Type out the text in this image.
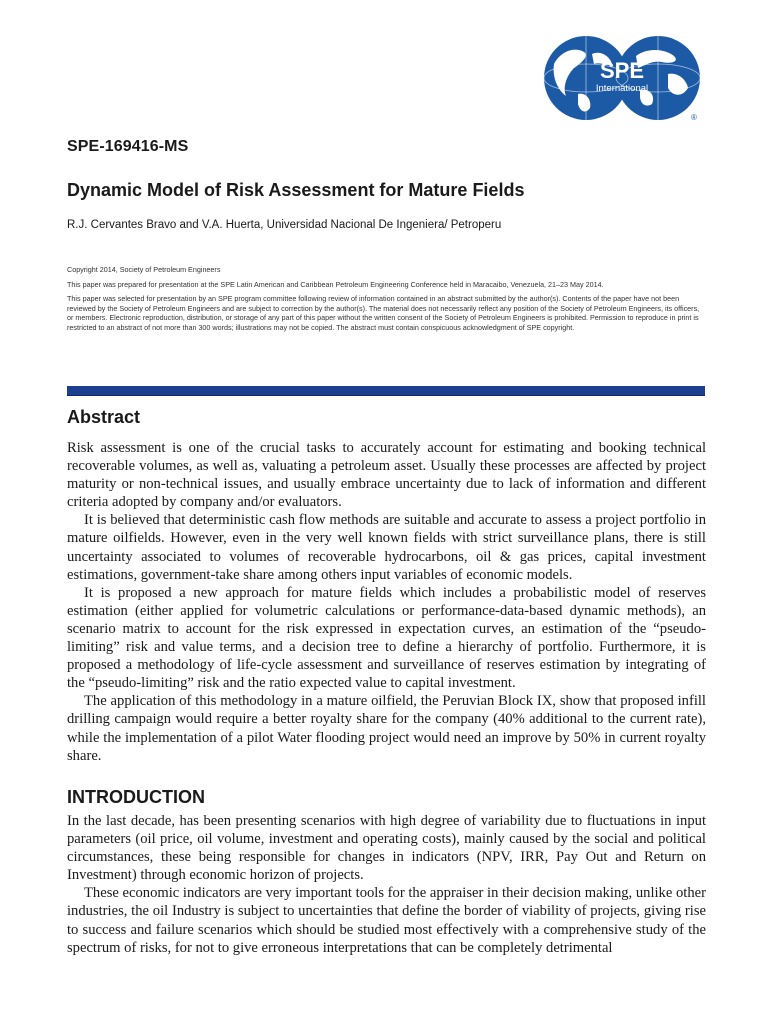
SPE
International
®
SPE-169416-MS
Dynamic Model of Risk Assessment for Mature Fields
R.J. Cervantes Bravo and V.A. Huerta, Universidad Nacional De Ingeniera/ Petroperu

Copyright 2014, Society of Petroleum Engineers

This paper was prepared for presentation at the SPE Latin American and Caribbean Petroleum Engineering Conference held in Maracaibo, Venezuela, 21–23 May 2014.

This paper was selected for presentation by an SPE program committee following review of information contained in an abstract submitted by the author(s). Contents of the paper have not been reviewed by the Society of Petroleum Engineers and are subject to correction by the author(s). The material does not necessarily reflect any position of the Society of Petroleum Engineers, its officers, or members. Electronic reproduction, distribution, or storage of any part of this paper without the written consent of the Society of Petroleum Engineers is prohibited. Permission to reproduce in print is restricted to an abstract of not more than 300 words; illustrations may not be copied. The abstract must contain conspicuous acknowledgment of SPE copyright.

Abstract

Risk assessment is one of the crucial tasks to accurately account for estimating and booking technical recoverable volumes, as well as, valuating a petroleum asset. Usually these processes are affected by project maturity or non-technical issues, and usually embrace uncertainty due to lack of information and different criteria adopted by company and/or evaluators.

It is believed that deterministic cash flow methods are suitable and accurate to assess a project portfolio in mature oilfields. However, even in the very well known fields with strict surveillance plans, there is still uncertainty associated to volumes of recoverable hydrocarbons, oil & gas prices, capital investment estimations, government-take share among others input variables of economic models.

It is proposed a new approach for mature fields which includes a probabilistic model of reserves estimation (either applied for volumetric calculations or performance-data-based dynamic methods), an scenario matrix to account for the risk expressed in expectation curves, an estimation of the “pseudo-limiting” risk and value terms, and a decision tree to define a hierarchy of portfolio. Furthermore, it is proposed a methodology of life-cycle assessment and surveillance of reserves estimation by integrating of the “pseudo-limiting” risk and the ratio expected value to capital investment.

The application of this methodology in a mature oilfield, the Peruvian Block IX, show that proposed infill drilling campaign would require a better royalty share for the company (40% additional to the current rate), while the implementation of a pilot Water flooding project would need an improve by 50% in current royalty share.

INTRODUCTION

In the last decade, has been presenting scenarios with high degree of variability due to fluctuations in input parameters (oil price, oil volume, investment and operating costs), mainly caused by the social and political circumstances, these being responsible for changes in indicators (NPV, IRR, Pay Out and Return on Investment) through economic horizon of projects.

These economic indicators are very important tools for the appraiser in their decision making, unlike other industries, the oil Industry is subject to uncertainties that define the border of viability of projects, giving rise to success and failure scenarios which should be studied most effectively with a comprehensive study of the spectrum of risks, for not to give erroneous interpretations that can be completely detrimental
